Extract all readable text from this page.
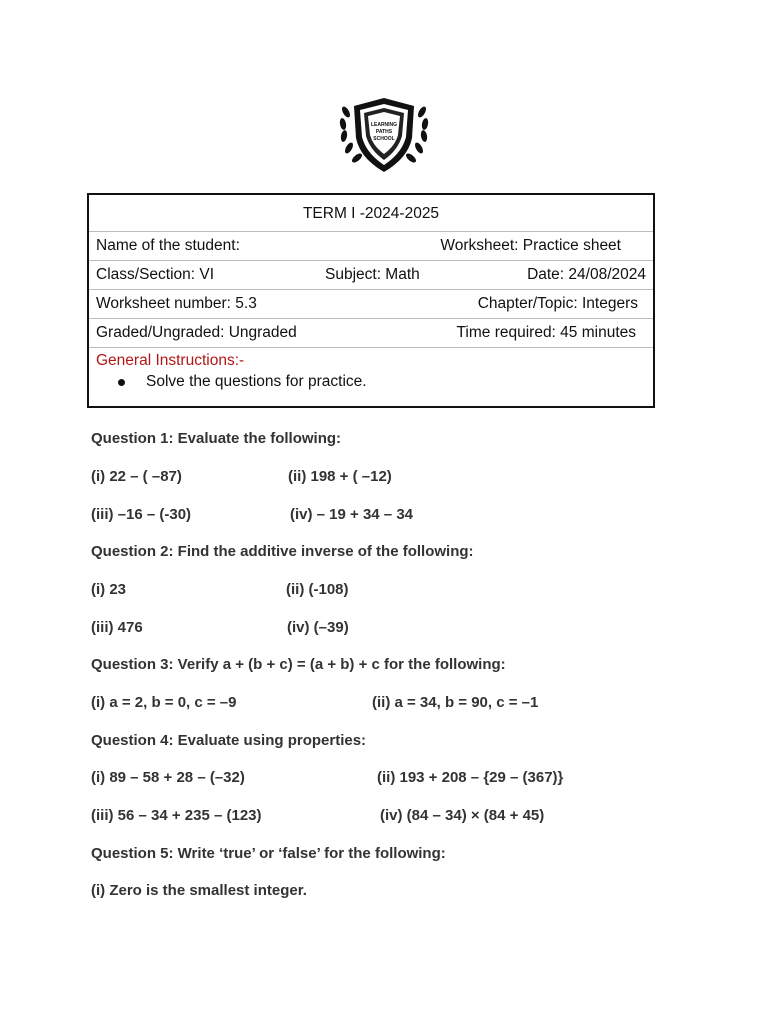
LEARNING
PATHS
SCHOOL
TERM I -2024-2025

Name of the student:	Worksheet: Practice sheet

Class/Section: VI	Subject: Math	Date: 24/08/2024

Worksheet number: 5.3	Chapter/Topic: Integers

Graded/Ungraded: Ungraded	Time required: 45 minutes

General Instructions:-
Solve the questions for practice.
Question 1: Evaluate the following:
(i) 22 – ( –87)	(ii) 198 + ( –12)
(iii) –16 – (-30)	(iv) – 19 + 34 – 34
Question 2: Find the additive inverse of the following:
(i) 23	(ii) (-108)
(iii) 476	(iv) (–39)
Question 3: Verify a + (b + c) = (a + b) + c for the following:
(i) a = 2, b = 0, c = –9	(ii) a = 34, b = 90, c = –1
Question 4: Evaluate using properties:
(i) 89 – 58 + 28 – (–32)	(ii) 193 + 208 – {29 – (367)}
(iii) 56 – 34 + 235 – (123)	(iv) (84 – 34) × (84 + 45)
Question 5: Write ‘true’ or ‘false’ for the following:
(i) Zero is the smallest integer.
